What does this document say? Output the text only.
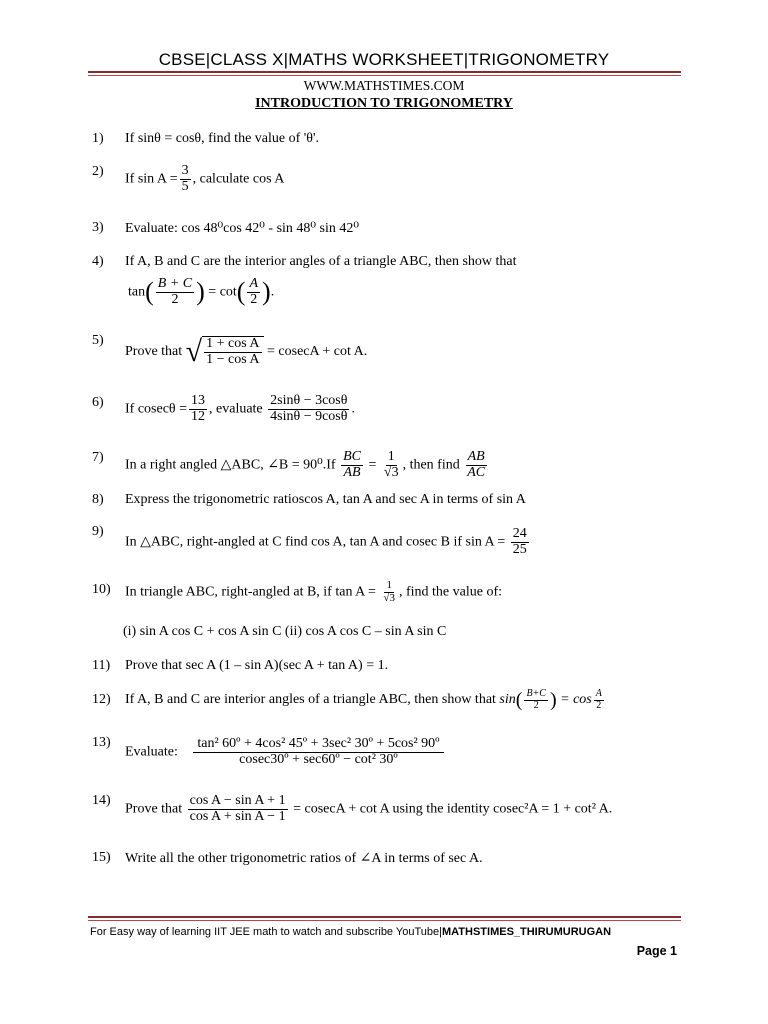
CBSE|CLASS X|MATHS WORKSHEET|TRIGONOMETRY
WWW.MATHSTIMES.COM
INTRODUCTION TO TRIGONOMETRY
1) If sinθ = cosθ, find the value of 'θ'.
2) If $\sin A = \frac{3}{5}$ , calculate cos A
3) Evaluate: cos 48⁰cos 42⁰ - sin 48⁰ sin 42⁰
4) If A, B and C are the interior angles of a triangle ABC, then show that
$\tan( \frac{B + C}{2}$ ) = $\cot( \frac{A}{2}$ ).
5)
Prove that √ $\frac{\text{1 + cos A}}{\text{1 − cos A}} = cosecA + \cot A$.
6) If $cosec\theta = \frac{13}{12}$ , evaluate $\frac{2\sin\theta - 3\cos\theta}{4\sin\theta - 9\cos\theta}$ .
7) In a right angled △ABC, ∠B = $90^0.If \frac{BC}{AB} = \frac{1}{√3}$ , then find $\frac{AB}{AC}$
8) Express the trigonometric ratioscos A, tan A and sec A in terms of sin A
9)
In △ABC, right-angled at C find cos A, tan A and cosec B if $\sin A = \frac{24}{25}$
10) In triangle ABC, right-angled at B, if $\tan A = \frac{1}{√3}$ , find the value of:
(i) sin A cos C + cos A sin C (ii) cos A cos C – sin A sin C
11) Prove that sec A (1 – sin A)(sec A + tan A) = 1.
12) If A, B and C are interior angles of a triangle ABC, then show that $\sin( \frac{B+C}{2}$ ) = $\cos \frac{A}{2}$
13)
Evaluate: $\frac{\text{tan² 60º + 4cos² 45º + 3sec² 30º + 5cos² 90º}}{\text{cosec30º + sec60º − cot² 30º}}$
14)
Prove that $\frac{\text{cos A − sin A + 1}}{\text{cos A + sin A − 1}} = cosecA + \cot A$ using the identity cosec²A = 1 + cot² A.
15) Write all the other trigonometric ratios of ∠A in terms of sec A.
For Easy way of learning IIT JEE math to watch and subscribe YouTube|MATHSTIMES_THIRUMURUGAN
Page 1
